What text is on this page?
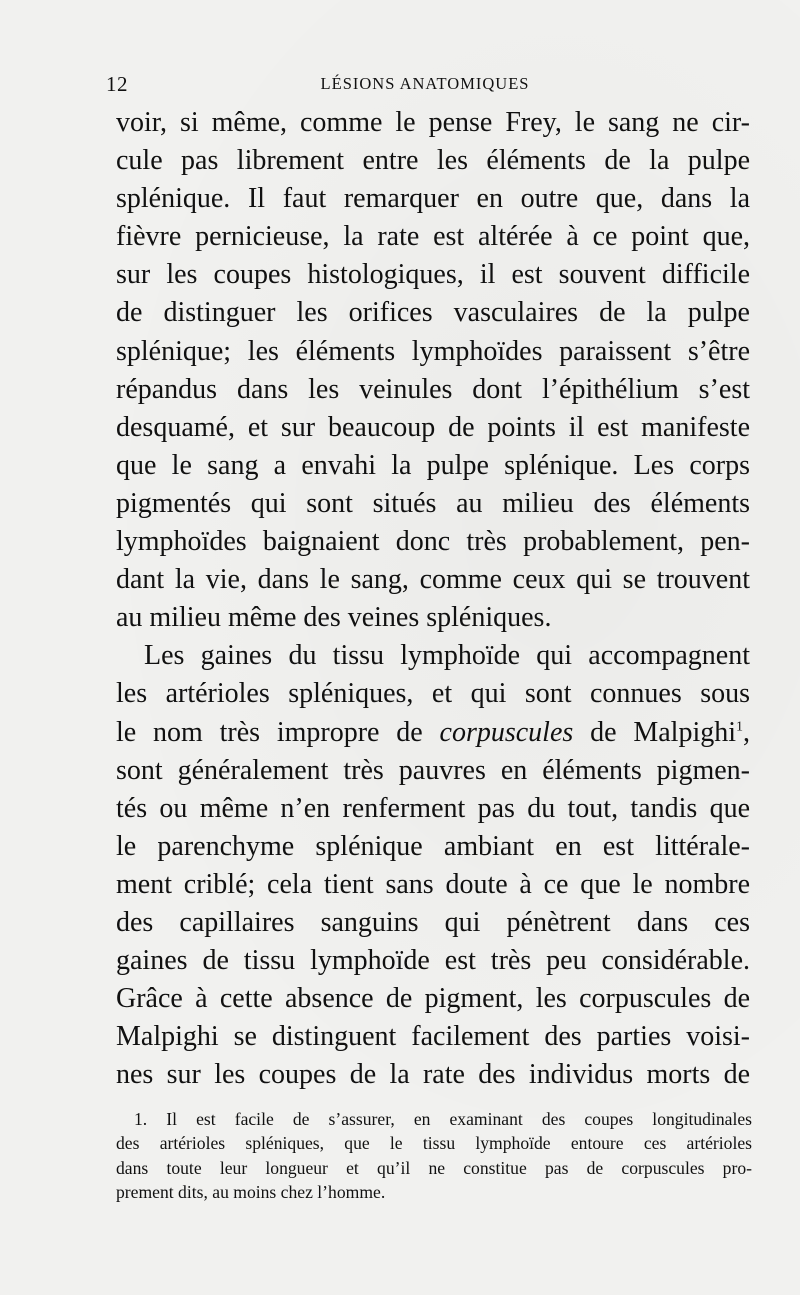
12	LÉSIONS ANATOMIQUES
voir, si même, comme le pense Frey, le sang ne cir-
cule pas librement entre les éléments de la pulpe
splénique. Il faut remarquer en outre que, dans la
fièvre pernicieuse, la rate est altérée à ce point que,
sur les coupes histologiques, il est souvent difficile
de distinguer les orifices vasculaires de la pulpe
splénique; les éléments lymphoïdes paraissent s’être
répandus dans les veinules dont l’épithélium s’est
desquamé, et sur beaucoup de points il est manifeste
que le sang a envahi la pulpe splénique. Les corps
pigmentés qui sont situés au milieu des éléments
lymphoïdes baignaient donc très probablement, pen-
dant la vie, dans le sang, comme ceux qui se trouvent
au milieu même des veines spléniques.
Les gaines du tissu lymphoïde qui accompagnent
les artérioles spléniques, et qui sont connues sous
le nom très impropre de corpuscules de Malpighi$^1$,
sont généralement très pauvres en éléments pigmen-
tés ou même n’en renferment pas du tout, tandis que
le parenchyme splénique ambiant en est littérale-
ment criblé; cela tient sans doute à ce que le nombre
des capillaires sanguins qui pénètrent dans ces
gaines de tissu lymphoïde est très peu considérable.
Grâce à cette absence de pigment, les corpuscules de
Malpighi se distinguent facilement des parties voisi-
nes sur les coupes de la rate des individus morts de
1. Il est facile de s’assurer, en examinant des coupes longitudinales
des artérioles spléniques, que le tissu lymphoïde entoure ces artérioles
dans toute leur longueur et qu’il ne constitue pas de corpuscules pro-
prement dits, au moins chez l’homme.
